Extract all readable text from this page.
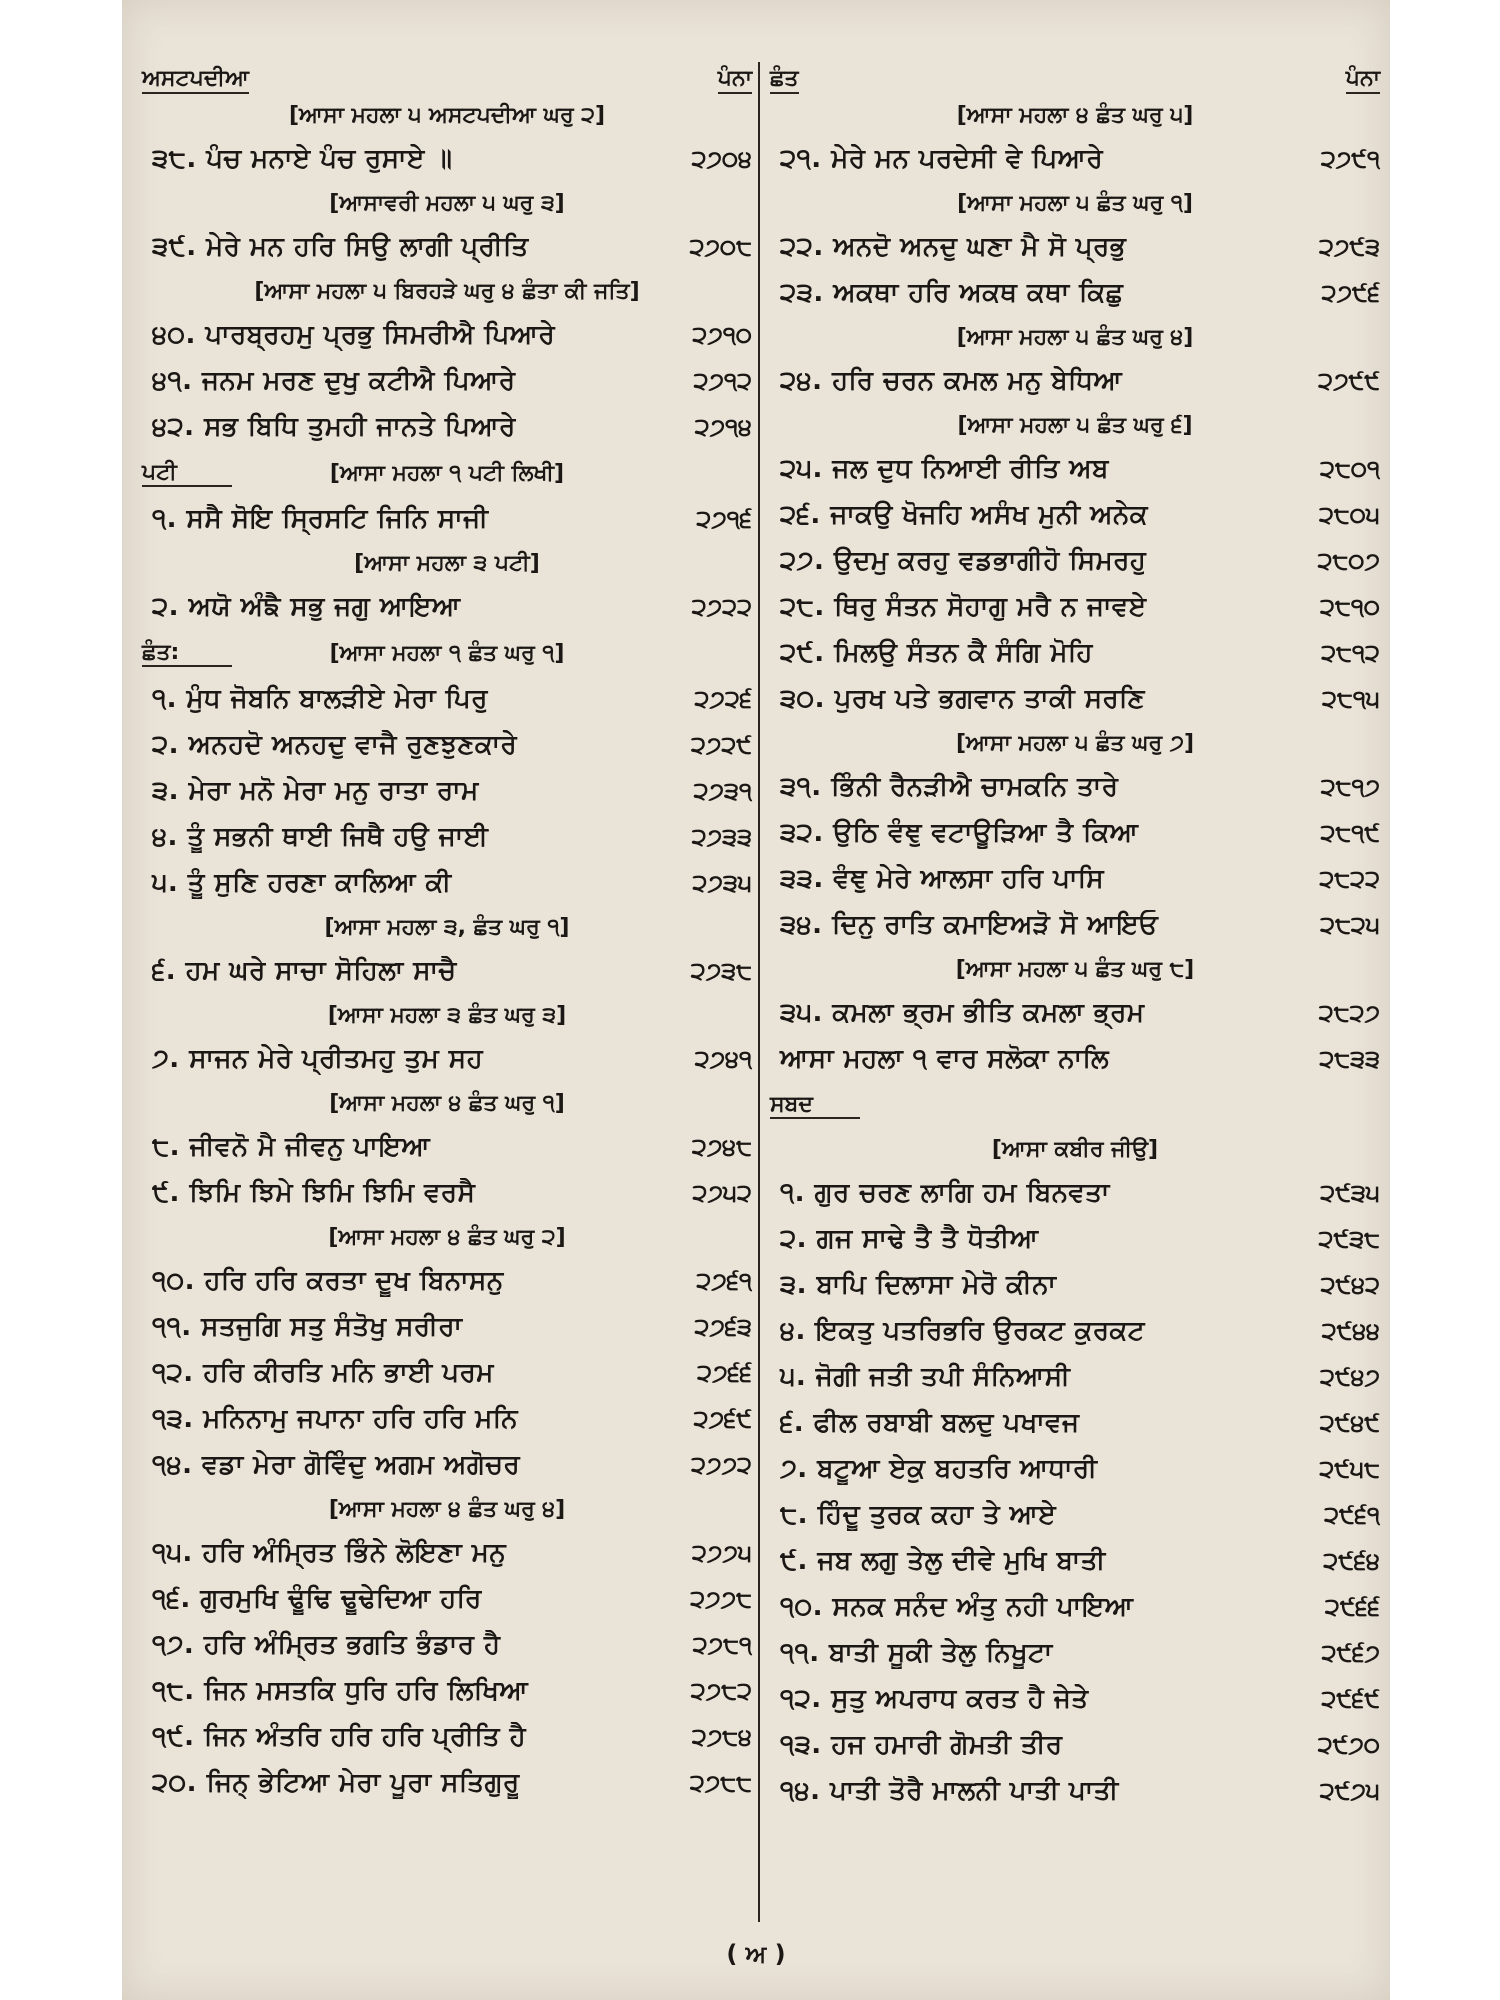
ਅਸਟਪਦੀਆ	ਪੰਨਾ
[ਆਸਾ ਮਹਲਾ ੫ ਅਸਟਪਦੀਆ ਘਰੁ ੨]
੩੮. ਪੰਚ ਮਨਾਏ ਪੰਚ ਰੁਸਾਏ ॥	੨੭੦੪
[ਆਸਾਵਰੀ ਮਹਲਾ ੫ ਘਰੁ ੩]
੩੯. ਮੇਰੇ ਮਨ ਹਰਿ ਸਿਉ ਲਾਗੀ ਪ੍ਰੀਤਿ	੨੭੦੮
[ਆਸਾ ਮਹਲਾ ੫ ਬਿਰਹੜੇ ਘਰੁ ੪ ਛੰਤਾ ਕੀ ਜਤਿ]
੪੦. ਪਾਰਬ੍ਰਹਮੁ ਪ੍ਰਭੁ ਸਿਮਰੀਐ ਪਿਆਰੇ	੨੭੧੦
੪੧. ਜਨਮ ਮਰਣ ਦੁਖੁ ਕਟੀਐ ਪਿਆਰੇ	੨੭੧੨
੪੨. ਸਭ ਬਿਧਿ ਤੁਮਹੀ ਜਾਨਤੇ ਪਿਆਰੇ	੨੭੧੪
ਪਟੀ	[ਆਸਾ ਮਹਲਾ ੧ ਪਟੀ ਲਿਖੀ]
੧. ਸਸੈ ਸੋਇ ਸ੍ਰਿਸਟਿ ਜਿਨਿ ਸਾਜੀ	੨੭੧੬
[ਆਸਾ ਮਹਲਾ ੩ ਪਟੀ]
੨. ਅਯੋ ਅੰਙੈ ਸਭੁ ਜਗੁ ਆਇਆ	੨੭੨੨
ਛੰਤ:	[ਆਸਾ ਮਹਲਾ ੧ ਛੰਤ ਘਰੁ ੧]
੧. ਮੁੰਧ ਜੋਬਨਿ ਬਾਲੜੀਏ ਮੇਰਾ ਪਿਰੁ	੨੭੨੬
੨. ਅਨਹਦੋ ਅਨਹਦੁ ਵਾਜੈ ਰੁਣਝੁਣਕਾਰੇ	੨੭੨੯
੩. ਮੇਰਾ ਮਨੋ ਮੇਰਾ ਮਨੁ ਰਾਤਾ ਰਾਮ	੨੭੩੧
੪. ਤੂੰ ਸਭਨੀ ਥਾਈ ਜਿਥੈ ਹਉ ਜਾਈ	੨੭੩੩
੫. ਤੂੰ ਸੁਣਿ ਹਰਣਾ ਕਾਲਿਆ ਕੀ	੨੭੩੫
[ਆਸਾ ਮਹਲਾ ੩, ਛੰਤ ਘਰੁ ੧]
੬. ਹਮ ਘਰੇ ਸਾਚਾ ਸੋਹਿਲਾ ਸਾਚੈ	੨੭੩੮
[ਆਸਾ ਮਹਲਾ ੩ ਛੰਤ ਘਰੁ ੩]
੭. ਸਾਜਨ ਮੇਰੇ ਪ੍ਰੀਤਮਹੁ ਤੁਮ ਸਹ	੨੭੪੧
[ਆਸਾ ਮਹਲਾ ੪ ਛੰਤ ਘਰੁ ੧]
੮. ਜੀਵਨੋ ਮੈ ਜੀਵਨੁ ਪਾਇਆ	੨੭੪੮
੯. ਝਿਮਿ ਝਿਮੇ ਝਿਮਿ ਝਿਮਿ ਵਰਸੈ	੨੭੫੨
[ਆਸਾ ਮਹਲਾ ੪ ਛੰਤ ਘਰੁ ੨]
੧੦. ਹਰਿ ਹਰਿ ਕਰਤਾ ਦੂਖ ਬਿਨਾਸਨੁ	੨੭੬੧
੧੧. ਸਤਜੁਗਿ ਸਤੁ ਸੰਤੋਖੁ ਸਰੀਰਾ	੨੭੬੩
੧੨. ਹਰਿ ਕੀਰਤਿ ਮਨਿ ਭਾਈ ਪਰਮ	੨੭੬੬
੧੩. ਮਨਿਨਾਮੁ ਜਪਾਨਾ ਹਰਿ ਹਰਿ ਮਨਿ	੨੭੬੯
੧੪. ਵਡਾ ਮੇਰਾ ਗੋਵਿੰਦੁ ਅਗਮ ਅਗੋਚਰ	੨੭੭੨
[ਆਸਾ ਮਹਲਾ ੪ ਛੰਤ ਘਰੁ ੪]
੧੫. ਹਰਿ ਅੰਮ੍ਰਿਤ ਭਿੰਨੇ ਲੋਇਣਾ ਮਨੁ	੨੭੭੫
੧੬. ਗੁਰਮੁਖਿ ਢੂੰਢਿ ਢੂਢੇਦਿਆ ਹਰਿ	੨੭੭੮
੧੭. ਹਰਿ ਅੰਮ੍ਰਿਤ ਭਗਤਿ ਭੰਡਾਰ ਹੈ	੨੭੮੧
੧੮. ਜਿਨ ਮਸਤਕਿ ਧੁਰਿ ਹਰਿ ਲਿਖਿਆ	੨੭੮੨
੧੯. ਜਿਨ ਅੰਤਰਿ ਹਰਿ ਹਰਿ ਪ੍ਰੀਤਿ ਹੈ	੨੭੮੪
੨੦. ਜਿਨ੍ ਭੇਟਿਆ ਮੇਰਾ ਪੂਰਾ ਸਤਿਗੁਰੂ	੨੭੮੮
ਛੰਤ	ਪੰਨਾ
[ਆਸਾ ਮਹਲਾ ੪ ਛੰਤ ਘਰੁ ੫]
੨੧. ਮੇਰੇ ਮਨ ਪਰਦੇਸੀ ਵੇ ਪਿਆਰੇ	੨੭੯੧
[ਆਸਾ ਮਹਲਾ ੫ ਛੰਤ ਘਰੁ ੧]
੨੨. ਅਨਦੋ ਅਨਦੁ ਘਣਾ ਮੈ ਸੋ ਪ੍ਰਭੁ	੨੭੯੩
੨੩. ਅਕਥਾ ਹਰਿ ਅਕਥ ਕਥਾ ਕਿਛੁ	੨੭੯੬
[ਆਸਾ ਮਹਲਾ ੫ ਛੰਤ ਘਰੁ ੪]
੨੪. ਹਰਿ ਚਰਨ ਕਮਲ ਮਨੁ ਬੇਧਿਆ	੨੭੯੯
[ਆਸਾ ਮਹਲਾ ੫ ਛੰਤ ਘਰੁ ੬]
੨੫. ਜਲ ਦੁਧ ਨਿਆਈ ਰੀਤਿ ਅਬ	੨੮੦੧
੨੬. ਜਾਕਉ ਖੋਜਹਿ ਅਸੰਖ ਮੁਨੀ ਅਨੇਕ	੨੮੦੫
੨੭. ਉਦਮੁ ਕਰਹੁ ਵਡਭਾਗੀਹੋ ਸਿਮਰਹੁ	੨੮੦੭
੨੮. ਥਿਰੁ ਸੰਤਨ ਸੋਹਾਗੁ ਮਰੈ ਨ ਜਾਵਏ	੨੮੧੦
੨੯. ਮਿਲਉ ਸੰਤਨ ਕੈ ਸੰਗਿ ਮੋਹਿ	੨੮੧੨
੩੦. ਪੁਰਖ ਪਤੇ ਭਗਵਾਨ ਤਾਕੀ ਸਰਣਿ	੨੮੧੫
[ਆਸਾ ਮਹਲਾ ੫ ਛੰਤ ਘਰੁ ੭]
੩੧. ਭਿੰਨੀ ਰੈਨੜੀਐ ਚਾਮਕਨਿ ਤਾਰੇ	੨੮੧੭
੩੨. ਉਠਿ ਵੰਞੁ ਵਟਾਊੜਿਆ ਤੈ ਕਿਆ	੨੮੧੯
੩੩. ਵੰਞੁ ਮੇਰੇ ਆਲਸਾ ਹਰਿ ਪਾਸਿ	੨੮੨੨
੩੪. ਦਿਨੁ ਰਾਤਿ ਕਮਾਇਅੜੋ ਸੋ ਆਇਓ	੨੮੨੫
[ਆਸਾ ਮਹਲਾ ੫ ਛੰਤ ਘਰੁ ੮]
੩੫. ਕਮਲਾ ਭ੍ਰਮ ਭੀਤਿ ਕਮਲਾ ਭ੍ਰਮ	੨੮੨੭
ਆਸਾ ਮਹਲਾ ੧ ਵਾਰ ਸਲੋਕਾ ਨਾਲਿ	੨੮੩੩
ਸਬਦ
[ਆਸਾ ਕਬੀਰ ਜੀਉ]
੧. ਗੁਰ ਚਰਣ ਲਾਗਿ ਹਮ ਬਿਨਵਤਾ	੨੯੩੫
੨. ਗਜ ਸਾਢੇ ਤੈ ਤੈ ਧੋਤੀਆ	੨੯੩੮
੩. ਬਾਪਿ ਦਿਲਾਸਾ ਮੇਰੋ ਕੀਨਾ	੨੯੪੨
੪. ਇਕਤੁ ਪਤਰਿਭਰਿ ਉਰਕਟ ਕੁਰਕਟ	੨੯੪੪
੫. ਜੋਗੀ ਜਤੀ ਤਪੀ ਸੰਨਿਆਸੀ	੨੯੪੭
੬. ਫੀਲ ਰਬਾਬੀ ਬਲਦੁ ਪਖਾਵਜ	੨੯੪੯
੭. ਬਟੂਆ ਏਕੁ ਬਹਤਰਿ ਆਧਾਰੀ	੨੯੫੮
੮. ਹਿੰਦੂ ਤੁਰਕ ਕਹਾ ਤੇ ਆਏ	੨੯੬੧
੯. ਜਬ ਲਗੁ ਤੇਲੁ ਦੀਵੇ ਮੁਖਿ ਬਾਤੀ	੨੯੬੪
੧੦. ਸਨਕ ਸਨੰਦ ਅੰਤੁ ਨਹੀ ਪਾਇਆ	੨੯੬੬
੧੧. ਬਾਤੀ ਸੂਕੀ ਤੇਲੁ ਨਿਖੂਟਾ	੨੯੬੭
੧੨. ਸੁਤੁ ਅਪਰਾਧ ਕਰਤ ਹੈ ਜੇਤੇ	੨੯੬੯
੧੩. ਹਜ ਹਮਾਰੀ ਗੋਮਤੀ ਤੀਰ	੨੯੭੦
੧੪. ਪਾਤੀ ਤੋਰੈ ਮਾਲਨੀ ਪਾਤੀ ਪਾਤੀ	੨੯੭੫
( ਅ )
